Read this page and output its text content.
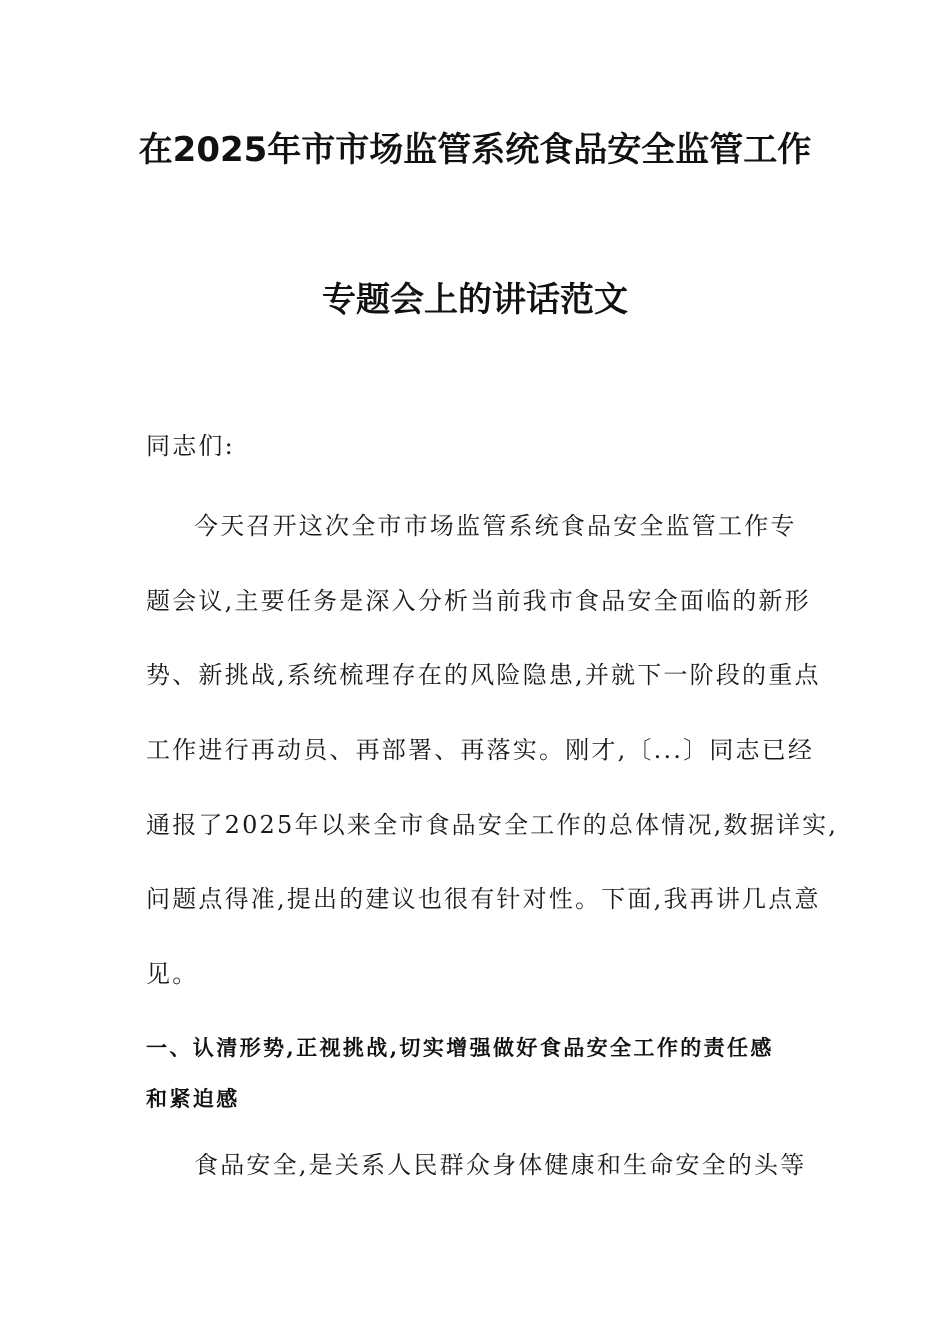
在2025年市市场监管系统食品安全监管工作
专题会上的讲话范文
同志们:
今天召开这次全市市场监管系统食品安全监管工作专
题会议,主要任务是深入分析当前我市食品安全面临的新形
势、新挑战,系统梳理存在的风险隐患,并就下一阶段的重点
工作进行再动员、再部署、再落实。刚才,〔...〕同志已经
通报了2025年以来全市食品安全工作的总体情况,数据详实,
问题点得准,提出的建议也很有针对性。下面,我再讲几点意
见。
一、认清形势,正视挑战,切实增强做好食品安全工作的责任感
和紧迫感
食品安全,是关系人民群众身体健康和生命安全的头等
